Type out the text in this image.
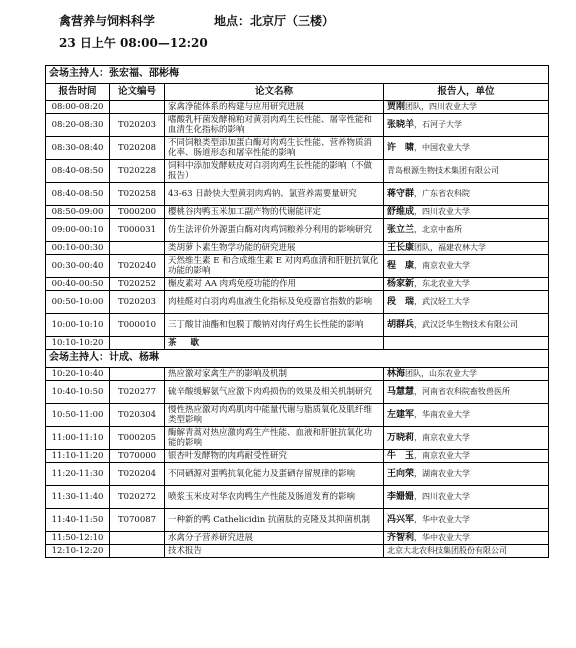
禽营养与饲料科学	地点：北京厅（三楼）
23 日上午 08:00—12:20
会场主持人：张宏福、邵彬梅			
报告时间	论文编号	论文名称	报告人，单位
08:00-08:20		家禽净能体系的构建与应用研究进展	贾刚团队，四川农业大学
08:20-08:30	T020203	嗜酸乳杆菌发酵棉粕对黄羽肉鸡生长性能、屠宰性能和血清生化指标的影响	张晓羊，石河子大学
08:30-08:40	T020208	不同饲粮类型添加蛋白酶对肉鸡生长性能、营养物质消化率、肠道形态和屠宰性能的影响	许　啸，中国农业大学
08:40-08:50	T020228	饲料中添加发酵麸皮对白羽肉鸡生长性能的影响（不做报告）	青岛根源生物技术集团有限公司
08:40-08:50	T020258	43-63 日龄快大型黄羽肉鸡钠、氯营养需要量研究	蒋守群，广东省农科院
08:50-09:00	T000200	樱桃谷肉鸭玉米加工副产物的代谢能评定	舒维成，四川农业大学
09:00-00:10	T000031	仿生法评价外源蛋白酶对肉鸡饲粮养分利用的影响研究	张立兰，北京中畜所
00:10-00:30		类胡萝卜素生物学功能的研究进展	王长康团队，福建农林大学
00:30-00:40	T020240	天然维生素 E 和合成维生素 E 对肉鸡血清和肝脏抗氧化功能的影响	程　康，南京农业大学
00:40-00:50	T020252	槲皮素对 AA 肉鸡免疫功能的作用	杨家新，东北农业大学
00:50-10:00	T020203	肉桂醛对白羽肉鸡血液生化指标及免疫器官指数的影响	段　瑞，武汉轻工大学
10:00-10:10	T000010	三丁酸甘油酯和包膜丁酸钠对肉仔鸡生长性能的影响	胡群兵，武汉泛华生物技术有限公司
10:10-10:20		茶歇	
会场主持人：计成、杨琳			
10:20-10:40		热应激对家禽生产的影响及机制	林海团队，山东农业大学
10:40-10:50	T020277	硫辛酸缓解氨气应激下肉鸡损伤的效果及相关机制研究	马慧慧，河南省农科院畜牧兽医所
10:50-11:00	T020304	慢性热应激对肉鸡肌肉中能量代谢与脂质氧化及肌纤维类型影响	左建军，华南农业大学
11:00-11:10	T000205	酶解青蒿对热应激肉鸡生产性能、血液和肝脏抗氧化功能的影响	万晓莉，南京农业大学
11:10-11:20	T070000	银杏叶发酵物的肉鸡耐受性研究	牛　玉，南京农业大学
11:20-11:30	T020204	不同硒源对蛋鸭抗氧化能力及蛋硒存留规律的影响	王向荣，湖南农业大学
11:30-11:40	T020272	喷浆玉米皮对华农肉鸭生产性能及肠道发育的影响	李姗姗，四川农业大学
11:40-11:50	T070087	一种新的鸭 Cathelicidin 抗菌肽的克隆及其抑菌机制	冯兴军，华中农业大学
11:50-12:10		水禽分子营养研究进展	齐智利，华中农业大学
12:10-12:20		技术报告	北京大北农科技集团股份有限公司
